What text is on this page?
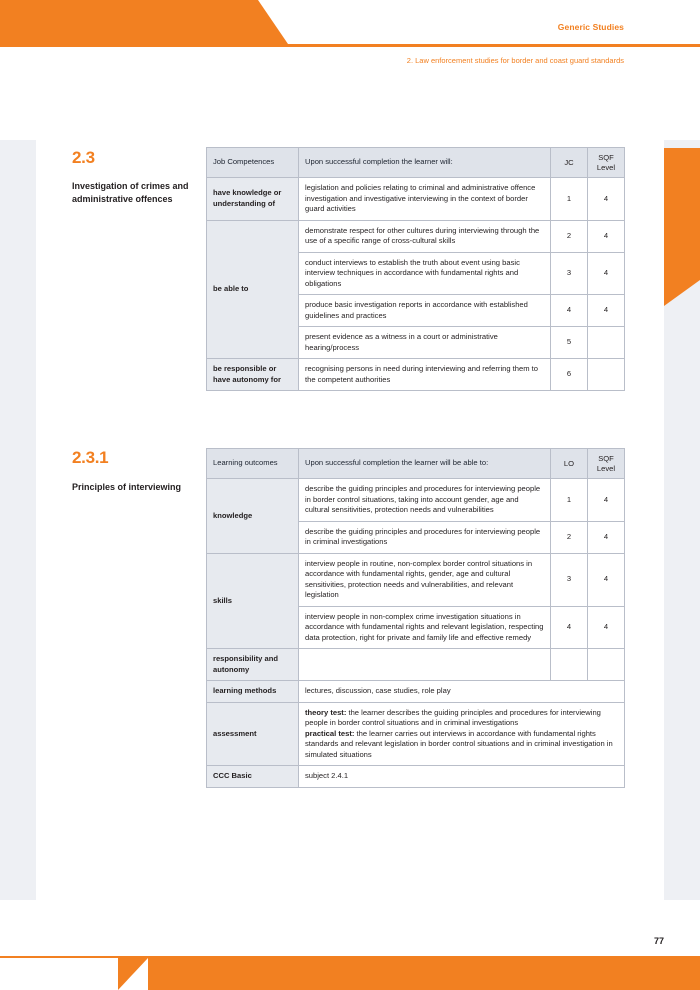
Generic Studies
2. Law enforcement studies for border and coast guard standards
77
2.3
Investigation of crimes and administrative offences
Job Competences	Upon successful completion the learner will:	JC	SQF Level
have knowledge or understanding of	legislation and policies relating to criminal and administrative offence investigation and investigative interviewing in the context of border guard activities	1	4
be able to	demonstrate respect for other cultures during interviewing through the use of a specific range of cross-cultural skills	2	4
	conduct interviews to establish the truth about event using basic interview techniques in accordance with fundamental rights and obligations	3	4
	produce basic investigation reports in accordance with established guidelines and practices	4	4
	present evidence as a witness in a court or administrative hearing/process	5	
be responsible or have autonomy for	recognising persons in need during interviewing and referring them to the competent authorities	6	
2.3.1
Principles of interviewing
Learning outcomes	Upon successful completion the learner will be able to:	LO	SQF Level
knowledge	describe the guiding principles and procedures for interviewing people in border control situations, taking into account gender, age and cultural sensitivities, protection needs and vulnerabilities	1	4
	describe the guiding principles and procedures for interviewing people in criminal investigations	2	4
skills	interview people in routine, non-complex border control situations in accordance with fundamental rights, gender, age and cultural sensitivities, protection needs and vulnerabilities, and relevant legislation	3	4
	interview people in non-complex crime investigation situations in accordance with fundamental rights and relevant legislation, respecting data protection, right for private and family life and effective remedy	4	4
responsibility and autonomy			
learning methods	lectures, discussion, case studies, role play		
assessment	theory test: the learner describes the guiding principles and procedures for interviewing people in border control situations and in criminal investigations
practical test: the learner carries out interviews in accordance with fundamental rights standards and relevant legislation in border control situations and in criminal investigation in simulated situations		

CCC Basic	subject 2.4.1		
